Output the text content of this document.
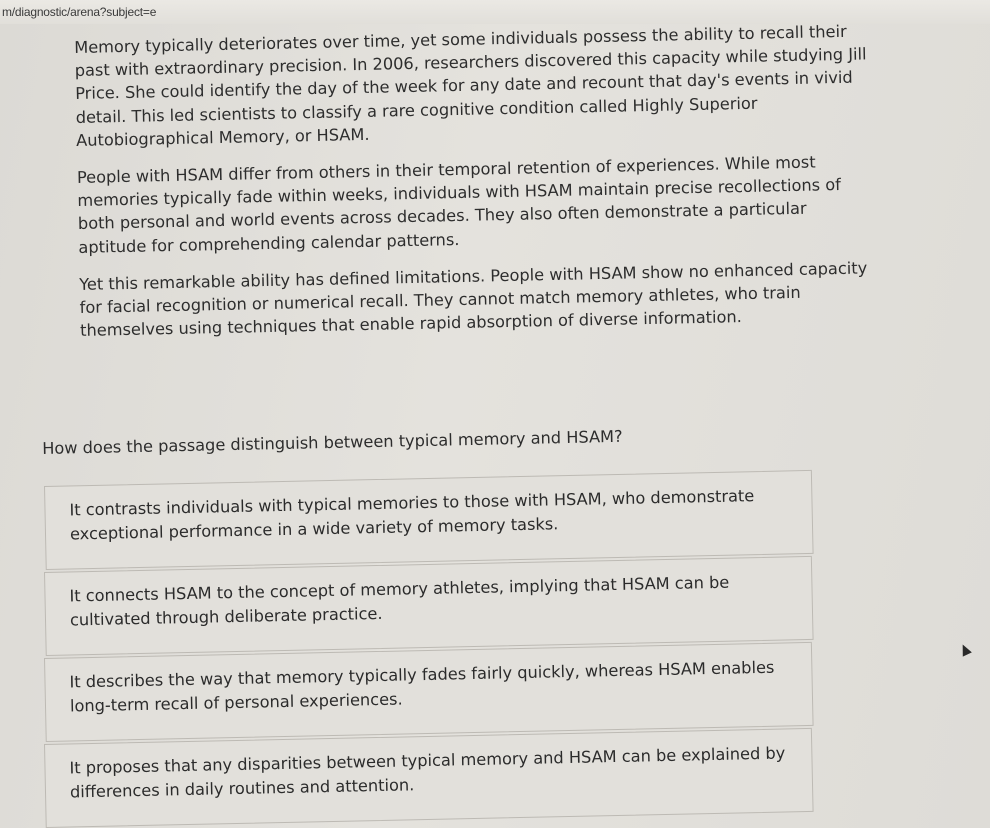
m/diagnostic/arena?subject=e

Memory typically deteriorates over time, yet some individuals possess the ability to recall their past with extraordinary precision. In 2006, researchers discovered this capacity while studying Jill Price. She could identify the day of the week for any date and recount that day's events in vivid detail. This led scientists to classify a rare cognitive condition called Highly Superior Autobiographical Memory, or HSAM.

People with HSAM differ from others in their temporal retention of experiences. While most memories typically fade within weeks, individuals with HSAM maintain precise recollections of both personal and world events across decades. They also often demonstrate a particular aptitude for comprehending calendar patterns.

Yet this remarkable ability has defined limitations. People with HSAM show no enhanced capacity for facial recognition or numerical recall. They cannot match memory athletes, who train themselves using techniques that enable rapid absorption of diverse information.

How does the passage distinguish between typical memory and HSAM?
It contrasts individuals with typical memories to those with HSAM, who demonstrate exceptional performance in a wide variety of memory tasks.
It connects HSAM to the concept of memory athletes, implying that HSAM can be cultivated through deliberate practice.
It describes the way that memory typically fades fairly quickly, whereas HSAM enables long-term recall of personal experiences.
It proposes that any disparities between typical memory and HSAM can be explained by differences in daily routines and attention.
